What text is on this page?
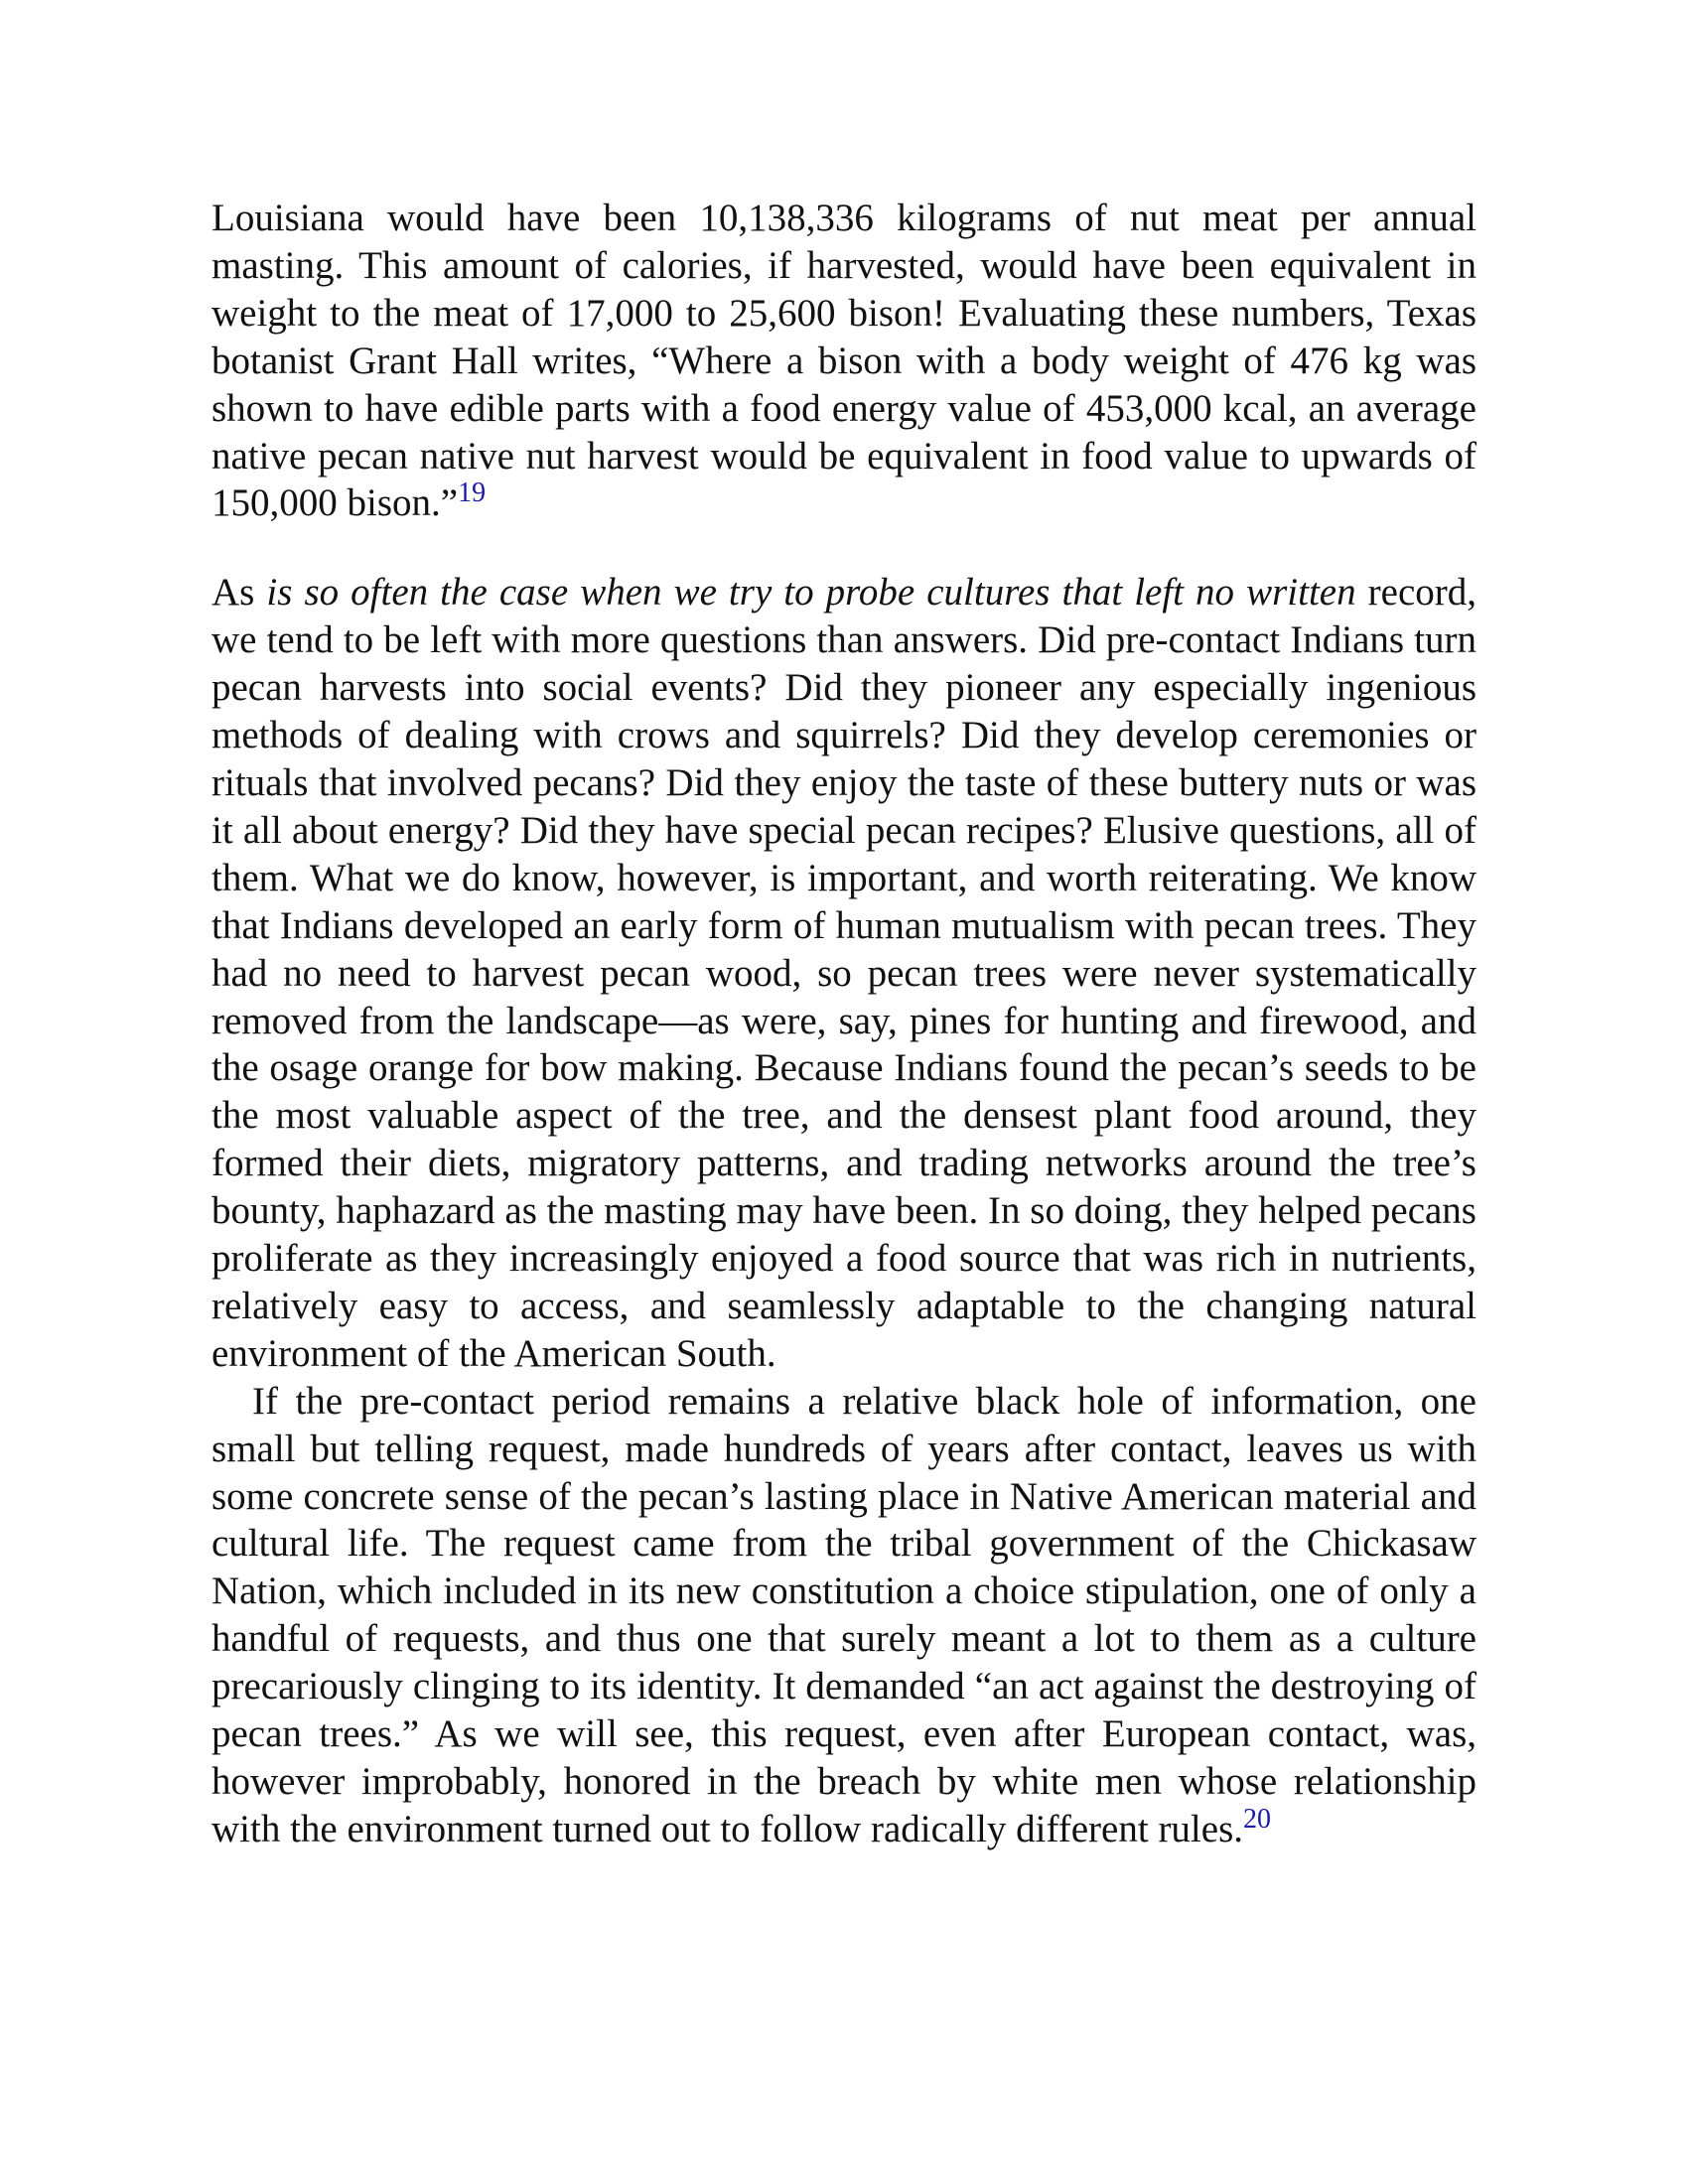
Louisiana would have been 10,138,336 kilograms of nut meat per annual masting. This amount of calories, if harvested, would have been equivalent in weight to the meat of 17,000 to 25,600 bison! Evaluating these numbers, Texas botanist Grant Hall writes, “Where a bison with a body weight of 476 kg was shown to have edible parts with a food energy value of 453,000 kcal, an average native pecan native nut harvest would be equivalent in food value to upwards of 150,000 bison.”$^{19}$

As is so often the case when we try to probe cultures that left no written record, we tend to be left with more questions than answers. Did pre-contact Indians turn pecan harvests into social events? Did they pioneer any especially ingenious methods of dealing with crows and squirrels? Did they develop ceremonies or rituals that involved pecans? Did they enjoy the taste of these buttery nuts or was it all about energy? Did they have special pecan recipes? Elusive questions, all of them. What we do know, however, is important, and worth reiterating. We know that Indians developed an early form of human mutualism with pecan trees. They had no need to harvest pecan wood, so pecan trees were never systematically removed from the landscape—as were, say, pines for hunting and firewood, and the osage orange for bow making. Because Indians found the pecan’s seeds to be the most valuable aspect of the tree, and the densest plant food around, they formed their diets, migratory patterns, and trading networks around the tree’s bounty, haphazard as the masting may have been. In so doing, they helped pecans proliferate as they increasingly enjoyed a food source that was rich in nutrients, relatively easy to access, and seamlessly adaptable to the changing natural environment of the American South.

If the pre-contact period remains a relative black hole of information, one small but telling request, made hundreds of years after contact, leaves us with some concrete sense of the pecan’s lasting place in Native American material and cultural life. The request came from the tribal government of the Chickasaw Nation, which included in its new constitution a choice stipulation, one of only a handful of requests, and thus one that surely meant a lot to them as a culture precariously clinging to its identity. It demanded “an act against the destroying of pecan trees.” As we will see, this request, even after European contact, was, however improbably, honored in the breach by white men whose relationship with the environment turned out to follow radically different rules.$^{20}$
